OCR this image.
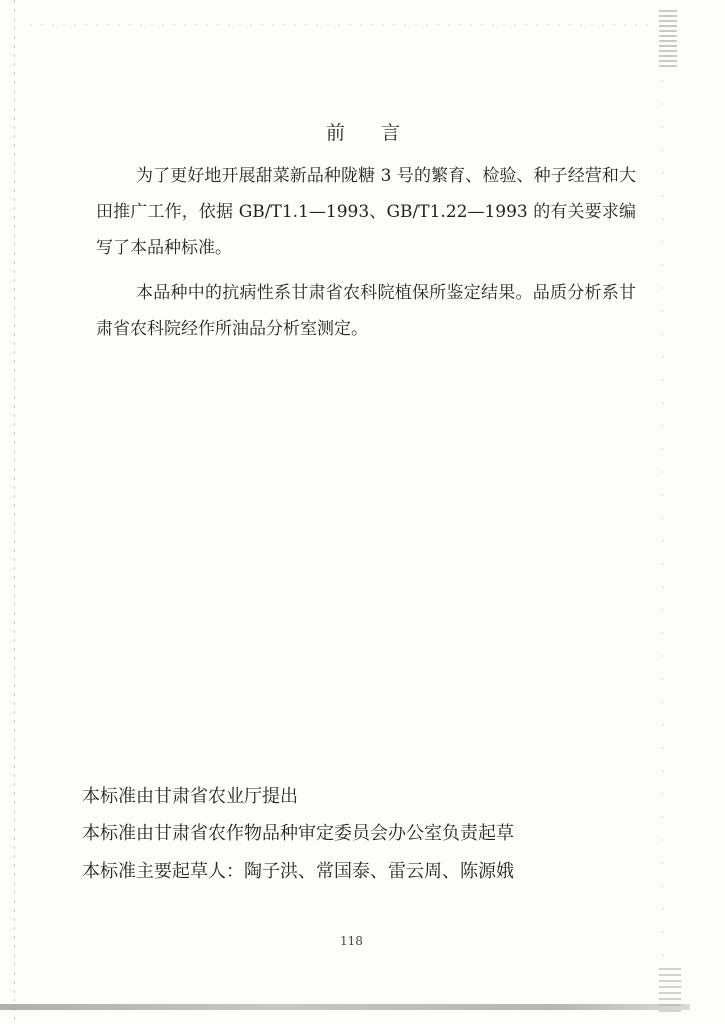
前言
为了更好地开展甜菜新品种陇糖 3 号的繁育、检验、种子经营和大田推广工作，依据 GB/T1.1—1993、GB/T1.22—1993 的有关要求编写了本品种标准。
本品种中的抗病性系甘肃省农科院植保所鉴定结果。品质分析系甘肃省农科院经作所油品分析室测定。
本标准由甘肃省农业厅提出
本标准由甘肃省农作物品种审定委员会办公室负责起草
本标准主要起草人：陶子洪、常国泰、雷云周、陈源娥
118
